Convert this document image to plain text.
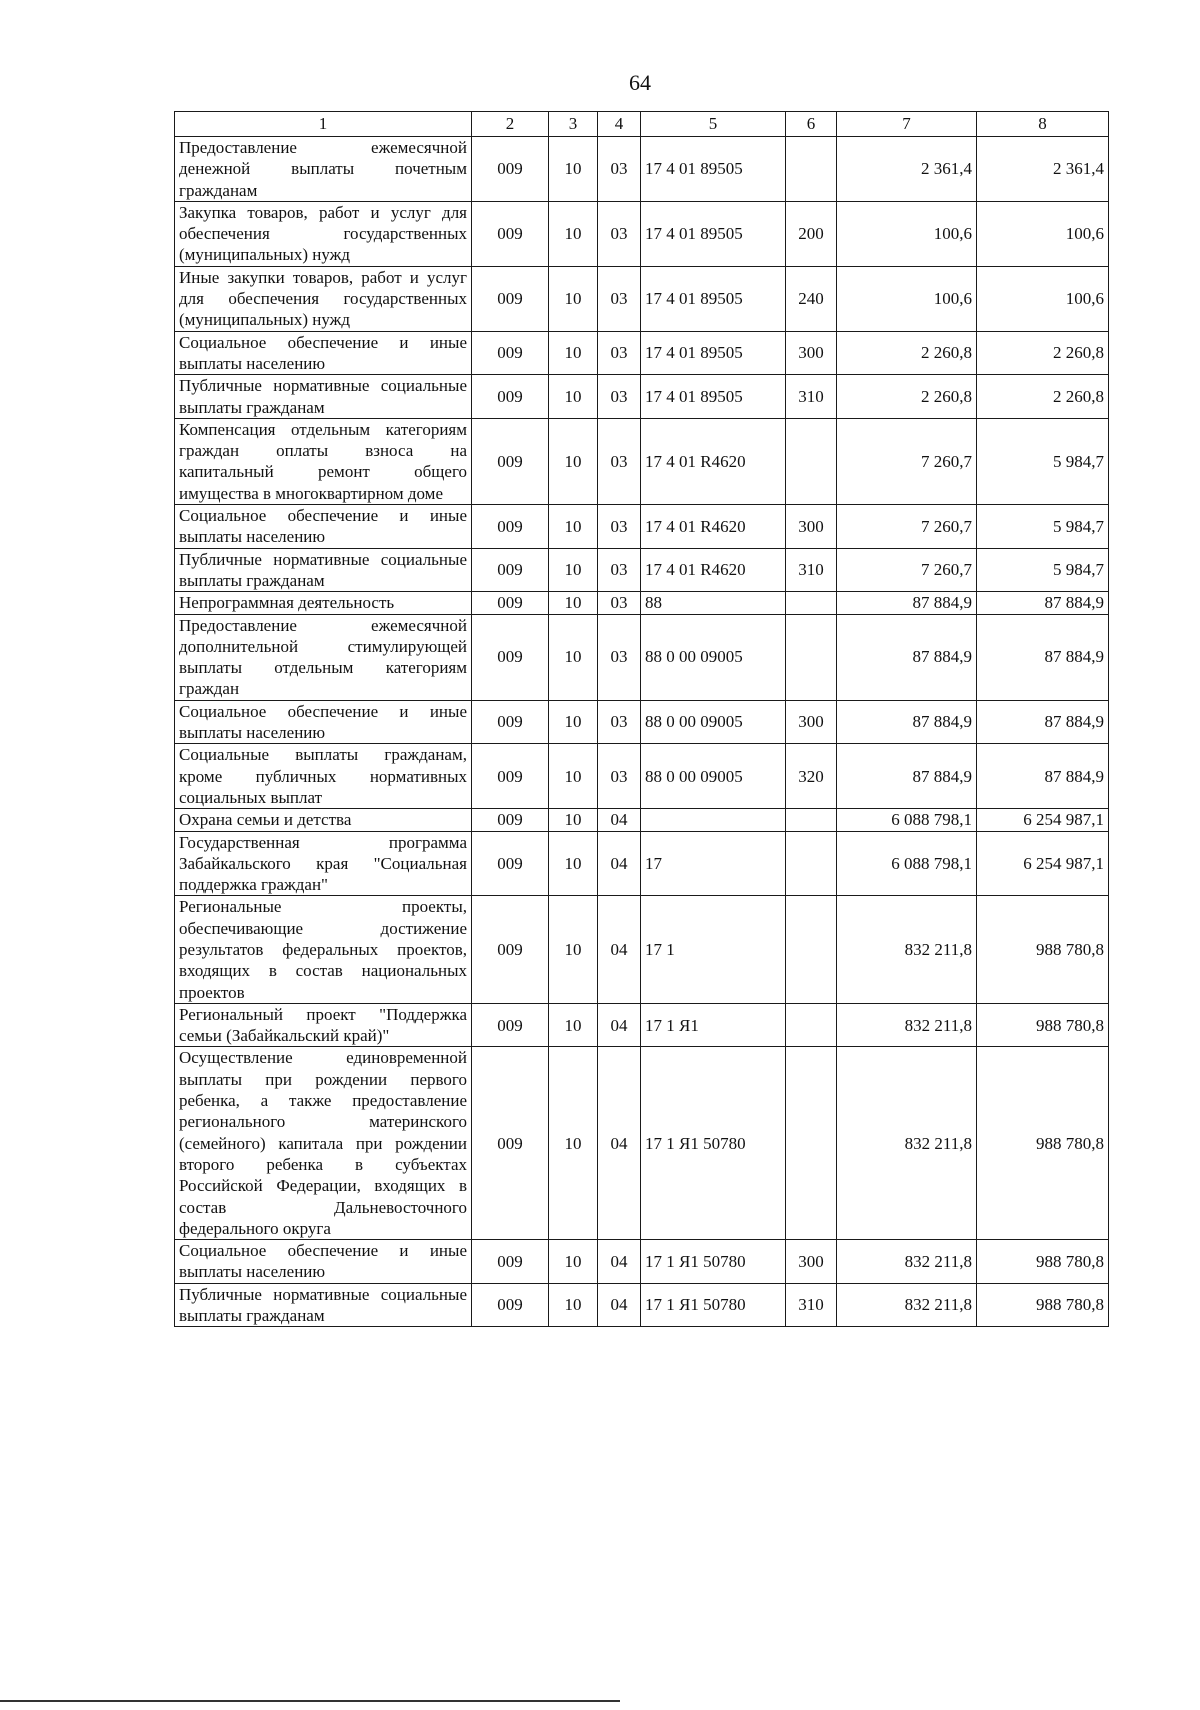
64
1	2	3	4	5	6	7	8
Предоставление ежемесячной денежной выплаты почетным гражданам	009	10	03	17 4 01 89505		2 361,4	2 361,4
Закупка товаров, работ и услуг для обеспечения государственных (муниципальных) нужд	009	10	03	17 4 01 89505	200	100,6	100,6
Иные закупки товаров, работ и услуг для обеспечения государственных (муниципальных) нужд	009	10	03	17 4 01 89505	240	100,6	100,6
Социальное обеспечение и иные выплаты населению	009	10	03	17 4 01 89505	300	2 260,8	2 260,8
Публичные нормативные социальные выплаты гражданам	009	10	03	17 4 01 89505	310	2 260,8	2 260,8
Компенсация отдельным категориям граждан оплаты взноса на капитальный ремонт общего имущества в многоквартирном доме	009	10	03	17 4 01 R4620		7 260,7	5 984,7
Социальное обеспечение и иные выплаты населению	009	10	03	17 4 01 R4620	300	7 260,7	5 984,7
Публичные нормативные социальные выплаты гражданам	009	10	03	17 4 01 R4620	310	7 260,7	5 984,7
Непрограммная деятельность	009	10	03	88		87 884,9	87 884,9
Предоставление ежемесячной дополнительной стимулирующей выплаты отдельным категориям граждан	009	10	03	88 0 00 09005		87 884,9	87 884,9
Социальное обеспечение и иные выплаты населению	009	10	03	88 0 00 09005	300	87 884,9	87 884,9
Социальные выплаты гражданам, кроме публичных нормативных социальных выплат	009	10	03	88 0 00 09005	320	87 884,9	87 884,9
Охрана семьи и детства	009	10	04			6 088 798,1	6 254 987,1
Государственная программа Забайкальского края "Социальная поддержка граждан"	009	10	04	17		6 088 798,1	6 254 987,1
Региональные проекты, обеспечивающие достижение результатов федеральных проектов, входящих в состав национальных проектов	009	10	04	17 1		832 211,8	988 780,8
Региональный проект "Поддержка семьи (Забайкальский край)"	009	10	04	17 1 Я1		832 211,8	988 780,8
Осуществление единовременной выплаты при рождении первого ребенка, а также предоставление регионального материнского (семейного) капитала при рождении второго ребенка в субъектах Российской Федерации, входящих в состав Дальневосточного федерального округа	009	10	04	17 1 Я1 50780		832 211,8	988 780,8
Социальное обеспечение и иные выплаты населению	009	10	04	17 1 Я1 50780	300	832 211,8	988 780,8
Публичные нормативные социальные выплаты гражданам	009	10	04	17 1 Я1 50780	310	832 211,8	988 780,8
